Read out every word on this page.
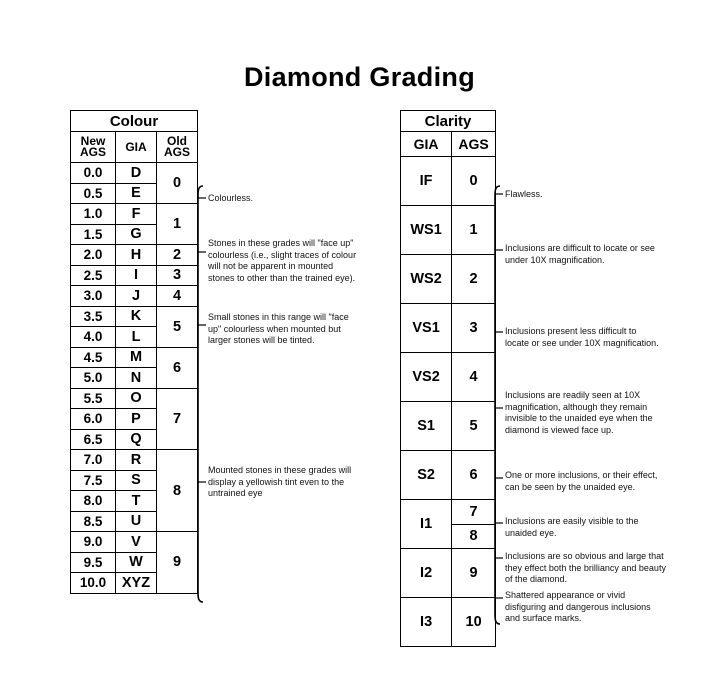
Diamond Grading
Colour		
New AGS	GIA	Old AGS
0.0	D	0
0.5	E	
1.0	F	1
1.5	G	
2.0	H	2
2.5	I	3
3.0	J	4
3.5	K	5
4.0	L	
4.5	M	6
5.0	N	
5.5	O	7
6.0	P	
6.5	Q	
7.0	R	8
7.5	S	
8.0	T	
8.5	U	
9.0	V	9
9.5	W	
10.0	XYZ	
Clarity	
GIA	AGS
IF	0
WS1	1
WS2	2
VS1	3
VS2	4
S1	5
S2	6
I1	7
	8
I2	9
I3	10
Colourless.
Stones in these grades will "face up" colourless (i.e., slight traces of colour will not be apparent in mounted stones to other than the trained eye).
Small stones in this range will "face up" colourless when mounted but larger stones will be tinted.
Mounted stones in these grades will display a yellowish tint even to the untrained eye
Flawless.
Inclusions are difficult to locate or see under 10X magnification.
Inclusions present less difficult to locate or see under 10X magnification.
Inclusions are readily seen at 10X magnification, although they remain invisible to the unaided eye when the diamond is viewed face up.
One or more inclusions, or their effect, can be seen by the unaided eye.
Inclusions are easily visible to the unaided eye.
Inclusions are so obvious and large that they effect both the brilliancy and beauty of the diamond.
Shattered appearance or vivid disfiguring and dangerous inclusions and surface marks.
